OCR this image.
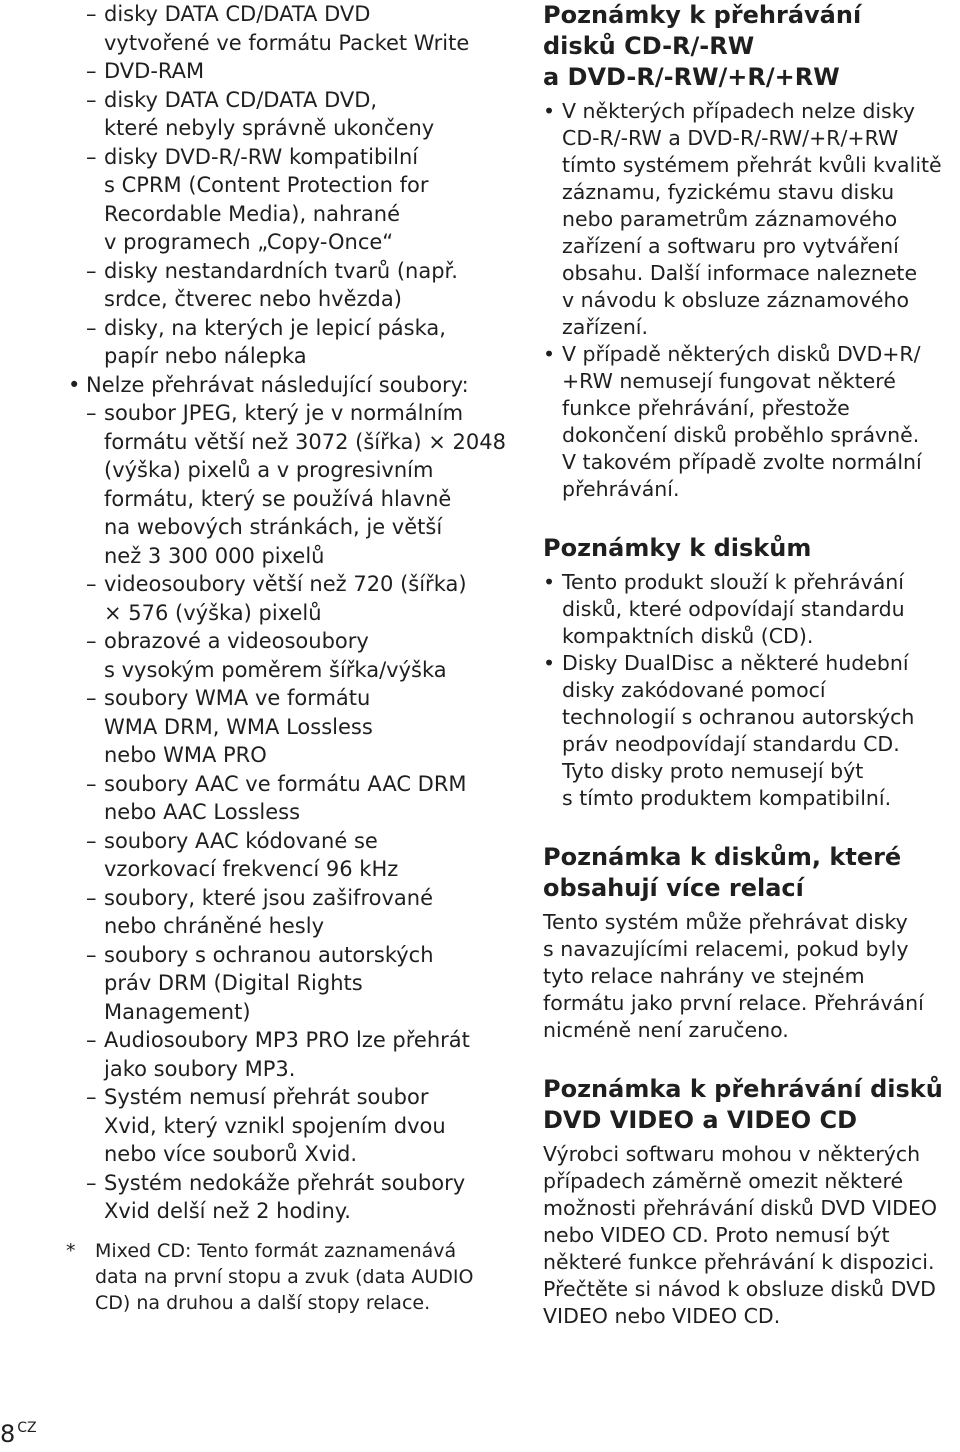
– disky DATA CD/DATA DVD
vytvořené ve formátu Packet Write
– DVD-RAM
– disky DATA CD/DATA DVD,
které nebyly správně ukončeny
– disky DVD-R/-RW kompatibilní
s CPRM (Content Protection for
Recordable Media), nahrané
v programech „Copy-Once“
– disky nestandardních tvarů (např.
srdce, čtverec nebo hvězda)
– disky, na kterých je lepicí páska,
papír nebo nálepka
• Nelze přehrávat následující soubory:
– soubor JPEG, který je v normálním
formátu větší než 3072 (šířka) × 2048
(výška) pixelů a v progresivním
formátu, který se používá hlavně
na webových stránkách, je větší
než 3 300 000 pixelů
– videosoubory větší než 720 (šířka)
× 576 (výška) pixelů
– obrazové a videosoubory
s vysokým poměrem šířka/výška
– soubory WMA ve formátu
WMA DRM, WMA Lossless
nebo WMA PRO
– soubory AAC ve formátu AAC DRM
nebo AAC Lossless
– soubory AAC kódované se
vzorkovací frekvencí 96 kHz
– soubory, které jsou zašifrované
nebo chráněné hesly
– soubory s ochranou autorských
práv DRM (Digital Rights
Management)
– Audiosoubory MP3 PRO lze přehrát
jako soubory MP3.
– Systém nemusí přehrát soubor
Xvid, který vznikl spojením dvou
nebo více souborů Xvid.
– Systém nedokáže přehrát soubory
Xvid delší než 2 hodiny.
* Mixed CD: Tento formát zaznamenává
data na první stopu a zvuk (data AUDIO
CD) na druhou a další stopy relace.
Poznámky k přehrávání
disků CD-R/-RW
a DVD-R/-RW/+R/+RW
• V některých případech nelze disky
CD-R/-RW a DVD-R/-RW/+R/+RW
tímto systémem přehrát kvůli kvalitě
záznamu, fyzickému stavu disku
nebo parametrům záznamového
zařízení a softwaru pro vytváření
obsahu. Další informace naleznete
v návodu k obsluze záznamového
zařízení.
• V případě některých disků DVD+R/
+RW nemusejí fungovat některé
funkce přehrávání, přestože
dokončení disků proběhlo správně.
V takovém případě zvolte normální
přehrávání.
Poznámky k diskům
• Tento produkt slouží k přehrávání
disků, které odpovídají standardu
kompaktních disků (CD).
• Disky DualDisc a některé hudební
disky zakódované pomocí
technologií s ochranou autorských
práv neodpovídají standardu CD.
Tyto disky proto nemusejí být
s tímto produktem kompatibilní.
Poznámka k diskům, které
obsahují více relací

Tento systém může přehrávat disky
s navazujícími relacemi, pokud byly
tyto relace nahrány ve stejném
formátu jako první relace. Přehrávání
nicméně není zaručeno.

Poznámka k přehrávání disků
DVD VIDEO a VIDEO CD

Výrobci softwaru mohou v některých
případech záměrně omezit některé
možnosti přehrávání disků DVD VIDEO
nebo VIDEO CD. Proto nemusí být
některé funkce přehrávání k dispozici.
Přečtěte si návod k obsluze disků DVD
VIDEO nebo VIDEO CD.

8 $^{CZ}$
